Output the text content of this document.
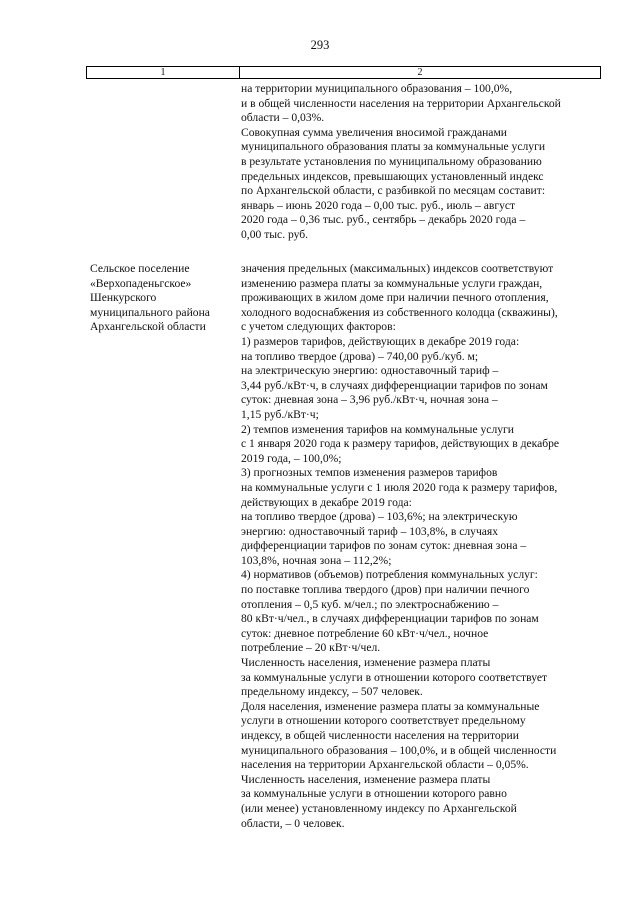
293
1	2
на территории муниципального образования – 100,0%,
и в общей численности населения на территории Архангельской
области – 0,03%.
Совокупная сумма увеличения вносимой гражданами
муниципального образования платы за коммунальные услуги
в результате установления по муниципальному образованию
предельных индексов, превышающих установленный индекс
по Архангельской области, с разбивкой по месяцам составит:
январь – июнь 2020 года – 0,00 тыс. руб., июль – август
2020 года – 0,36 тыс. руб., сентябрь – декабрь 2020 года –
0,00 тыс. руб.
Сельское поселение
«Верхопаденьгское»
Шенкурского
муниципального района
Архангельской области
значения предельных (максимальных) индексов соответствуют
изменению размера платы за коммунальные услуги граждан,
проживающих в жилом доме при наличии печного отопления,
холодного водоснабжения из собственного колодца (скважины),
с учетом следующих факторов:
1) размеров тарифов, действующих в декабре 2019 года:
на топливо твердое (дрова) – 740,00 руб./куб. м;
на электрическую энергию: одноставочный тариф –
3,44 руб./кВт·ч, в случаях дифференциации тарифов по зонам
суток: дневная зона – 3,96 руб./кВт·ч, ночная зона –
1,15 руб./кВт·ч;
2) темпов изменения тарифов на коммунальные услуги
с 1 января 2020 года к размеру тарифов, действующих в декабре
2019 года, – 100,0%;
3) прогнозных темпов изменения размеров тарифов
на коммунальные услуги с 1 июля 2020 года к размеру тарифов,
действующих в декабре 2019 года:
на топливо твердое (дрова) – 103,6%; на электрическую
энергию: одноставочный тариф – 103,8%, в случаях
дифференциации тарифов по зонам суток: дневная зона –
103,8%, ночная зона – 112,2%;
4) нормативов (объемов) потребления коммунальных услуг:
по поставке топлива твердого (дров) при наличии печного
отопления – 0,5 куб. м/чел.; по электроснабжению –
80 кВт·ч/чел., в случаях дифференциации тарифов по зонам
суток: дневное потребление 60 кВт·ч/чел., ночное
потребление – 20 кВт·ч/чел.
Численность населения, изменение размера платы
за коммунальные услуги в отношении которого соответствует
предельному индексу, – 507 человек.
Доля населения, изменение размера платы за коммунальные
услуги в отношении которого соответствует предельному
индексу, в общей численности населения на территории
муниципального образования – 100,0%, и в общей численности
населения на территории Архангельской области – 0,05%.
Численность населения, изменение размера платы
за коммунальные услуги в отношении которого равно
(или менее) установленному индексу по Архангельской
области, – 0 человек.
